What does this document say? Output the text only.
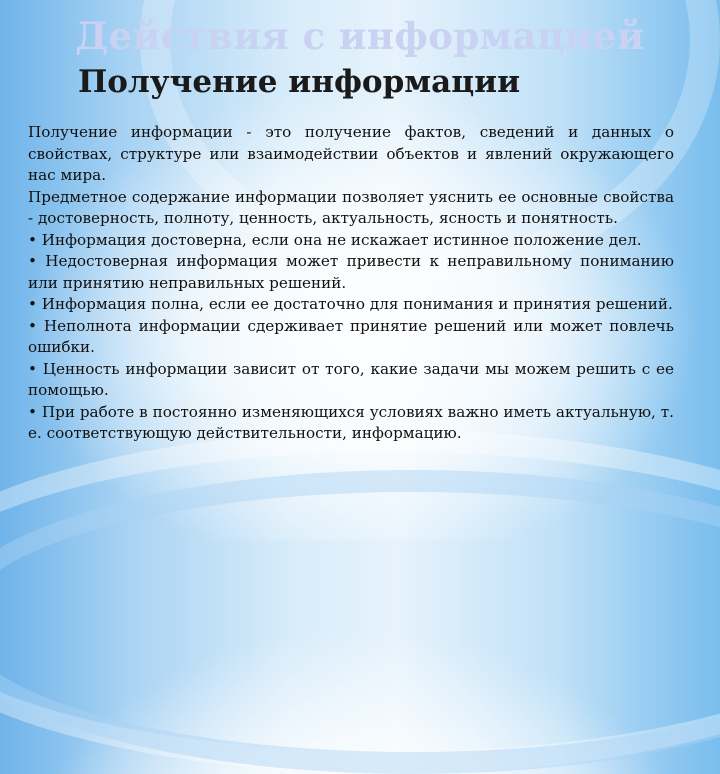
Действия с информацией
Получение информации

Получение информации - это получение фактов, сведений и данных о свойствах, структуре или взаимодействии объектов и явлений окружающего нас мира.

Предметное содержание информации позволяет уяснить ее основные свойства - достоверность, полноту, ценность, актуальность, ясность и понятность.

• Информация достоверна, если она не искажает истинное положение дел.

• Недостоверная информация может привести к неправильному пониманию или принятию неправильных решений.

• Информация полна, если ее достаточно для понимания и принятия решений.

• Неполнота информации сдерживает принятие решений или может повлечь ошибки.

• Ценность информации зависит от того, какие задачи мы можем решить с ее помощью.

• При работе в постоянно изменяющихся условиях важно иметь актуальную, т. е. соответствующую действительности, информацию.
